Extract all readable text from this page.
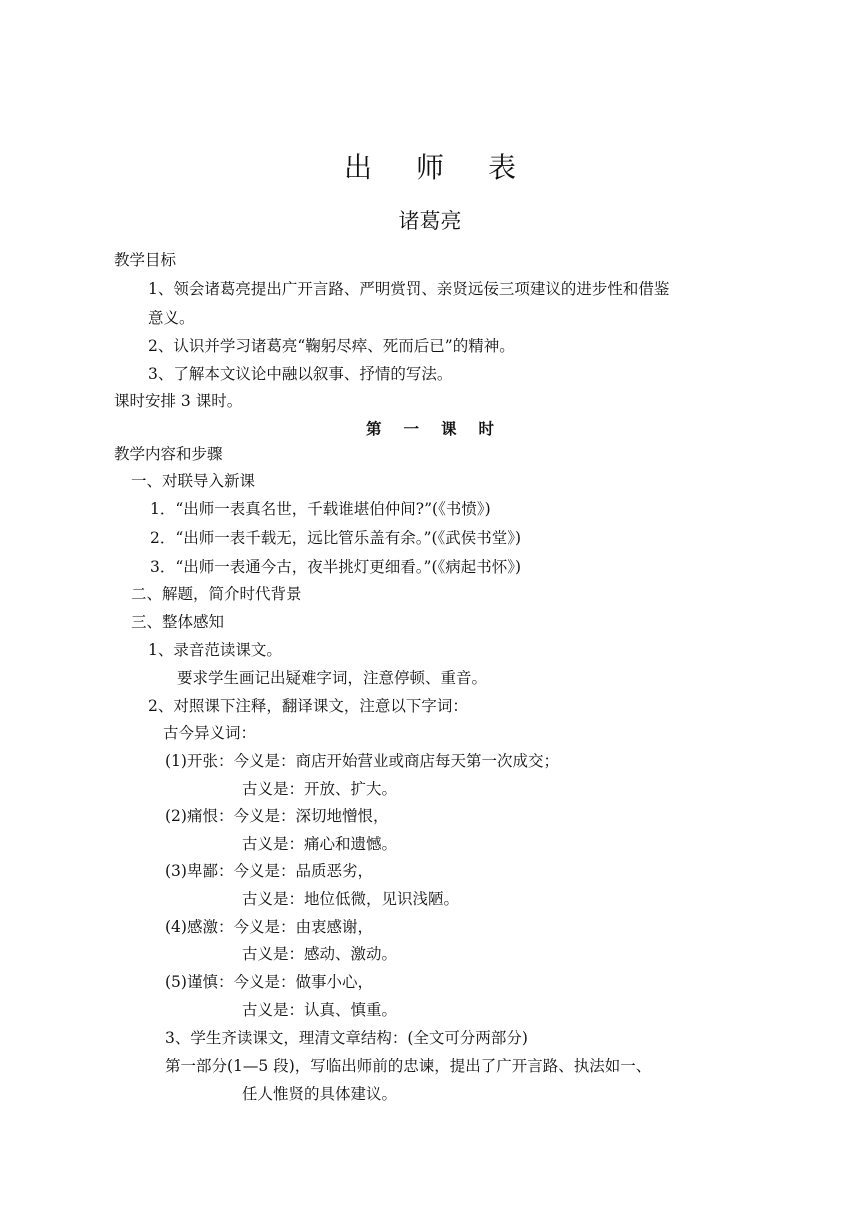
出师表
诸葛亮
教学目标
1、领会诸葛亮提出广开言路、严明赏罚、亲贤远佞三项建议的进步性和借鉴
意义。
2、认识并学习诸葛亮“鞠躬尽瘁、死而后已”的精神。
3、了解本文议论中融以叙事、抒情的写法。
课时安排 3 课时。
第一课时
教学内容和步骤
一、对联导入新课
1．“出师一表真名世，千载谁堪伯仲间?”(《书愤》)
2．“出师一表千载无，远比管乐盖有余。”(《武侯书堂》)
3．“出师一表通今古，夜半挑灯更细看。”(《病起书怀》)
二、解题，简介时代背景
三、整体感知
1、录音范读课文。
要求学生画记出疑难字词，注意停顿、重音。
2、对照课下注释，翻译课文，注意以下字词：
古今异义词：
(1)开张：今义是：商店开始营业或商店每天第一次成交；
古义是：开放、扩大。
(2)痛恨：今义是：深切地憎恨，
古义是：痛心和遗憾。
(3)卑鄙：今义是：品质恶劣，
古义是：地位低微，见识浅陋。
(4)感激：今义是：由衷感谢，
古义是：感动、激动。
(5)谨慎：今义是：做事小心，
古义是：认真、慎重。
3、学生齐读课文，理清文章结构：(全文可分两部分)
第一部分(1—5 段)，写临出师前的忠谏，提出了广开言路、执法如一、
任人惟贤的具体建议。
